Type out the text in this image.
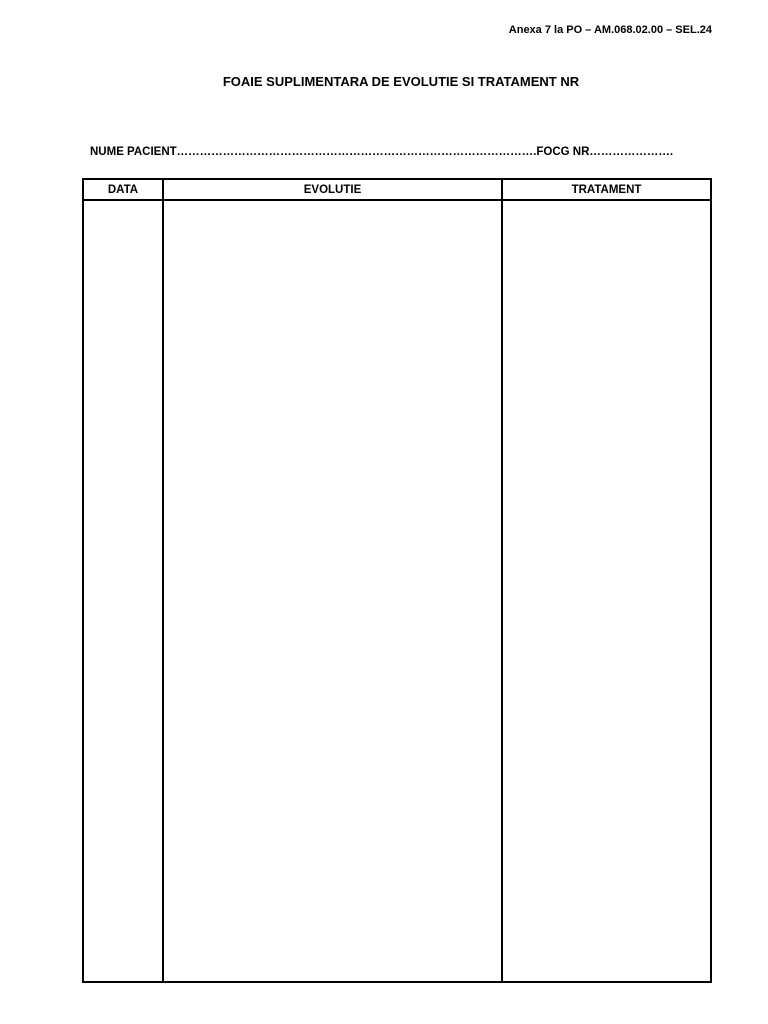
Anexa 7 la PO – AM.068.02.00 – SEL.24
FOAIE SUPLIMENTARA DE EVOLUTIE SI TRATAMENT NR
NUME PACIENT………………………………………………………………………………….FOCG NR………………….
DATA	EVOLUTIE	TRATAMENT
